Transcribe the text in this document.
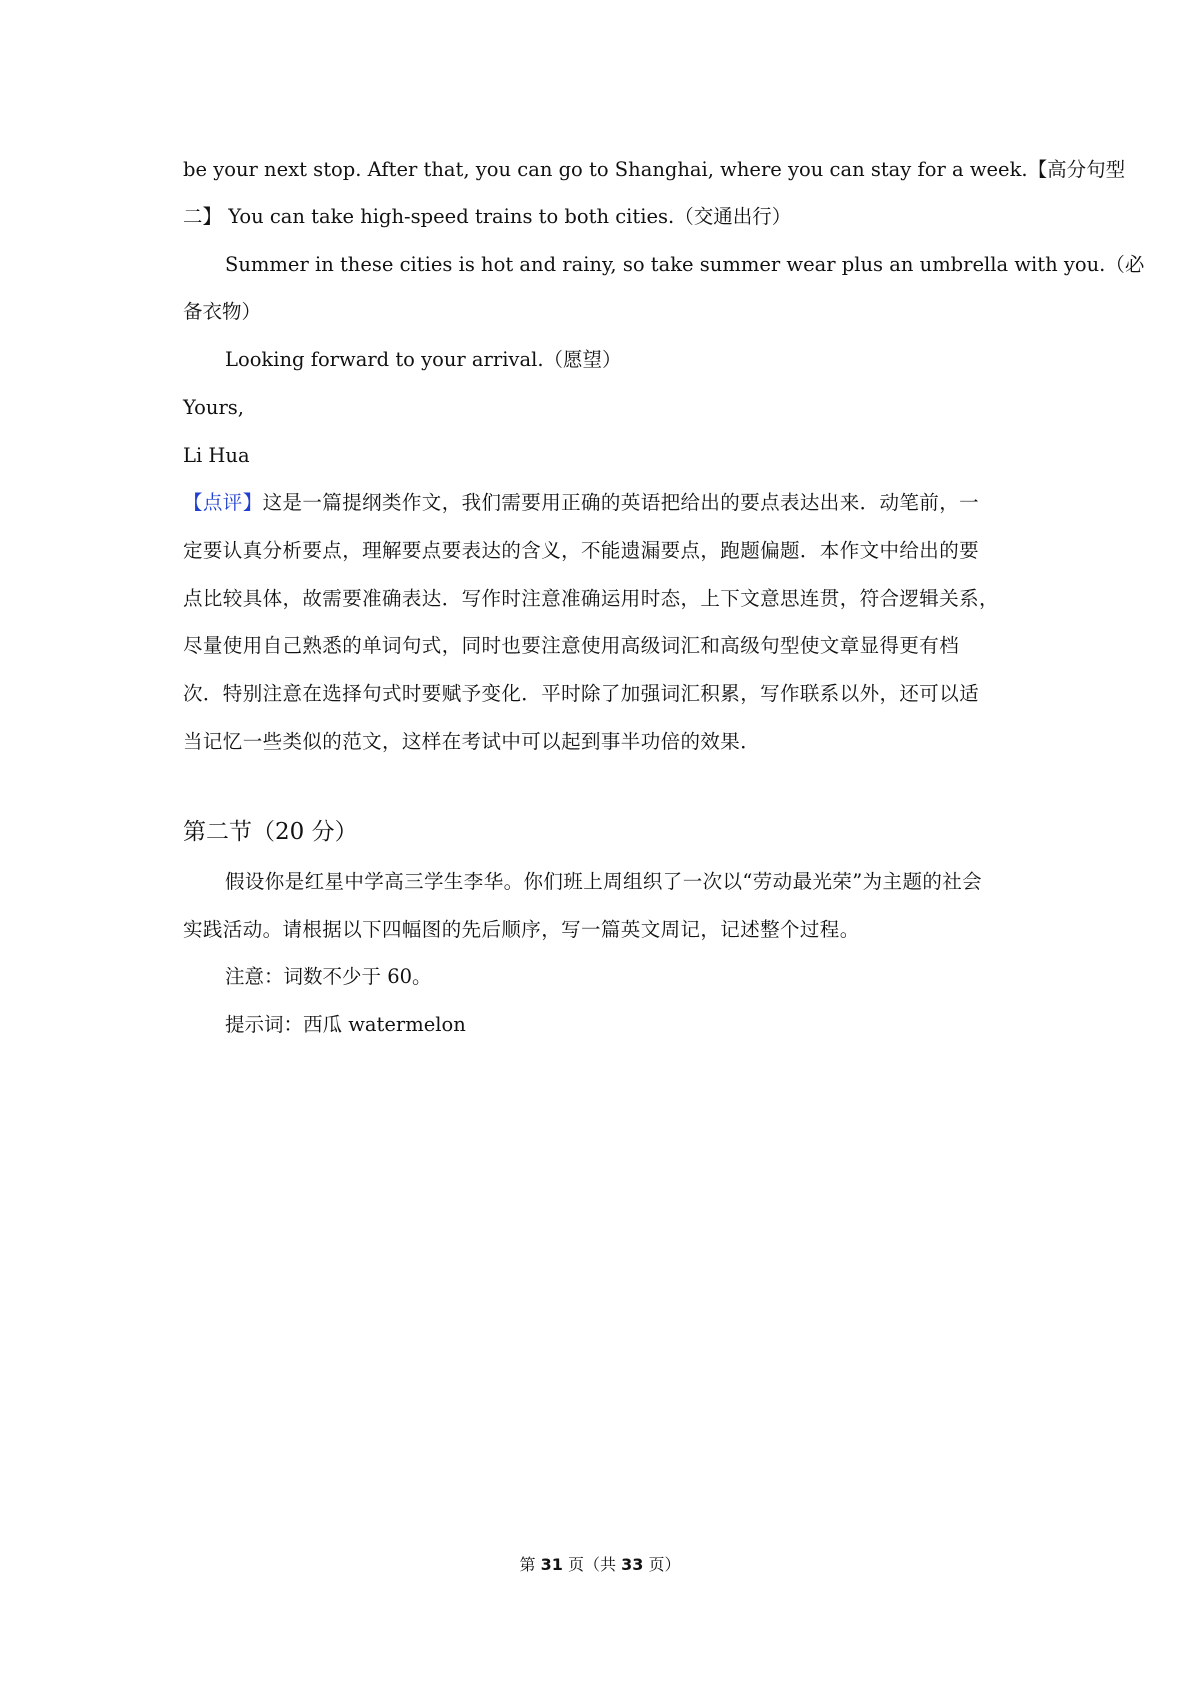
be your next stop. After that, you can go to Shanghai, where you can stay for a week.【高分句型
二】 You can take high-speed trains to both cities.（交通出行）
Summer in these cities is hot and rainy, so take summer wear plus an umbrella with you.（必
备衣物）
Looking forward to your arrival.（愿望）
Yours,
Li Hua
【点评】这是一篇提纲类作文，我们需要用正确的英语把给出的要点表达出来．动笔前，一
定要认真分析要点，理解要点要表达的含义，不能遗漏要点，跑题偏题．本作文中给出的要
点比较具体，故需要准确表达．写作时注意准确运用时态，上下文意思连贯，符合逻辑关系，
尽量使用自己熟悉的单词句式，同时也要注意使用高级词汇和高级句型使文章显得更有档
次．特别注意在选择句式时要赋予变化．平时除了加强词汇积累，写作联系以外，还可以适
当记忆一些类似的范文，这样在考试中可以起到事半功倍的效果．
第二节（20 分）
假设你是红星中学高三学生李华。你们班上周组织了一次以“劳动最光荣”为主题的社会
实践活动。请根据以下四幅图的先后顺序，写一篇英文周记，记述整个过程。
注意：词数不少于 60。
提示词：西瓜 watermelon
第 31 页（共 33 页）
